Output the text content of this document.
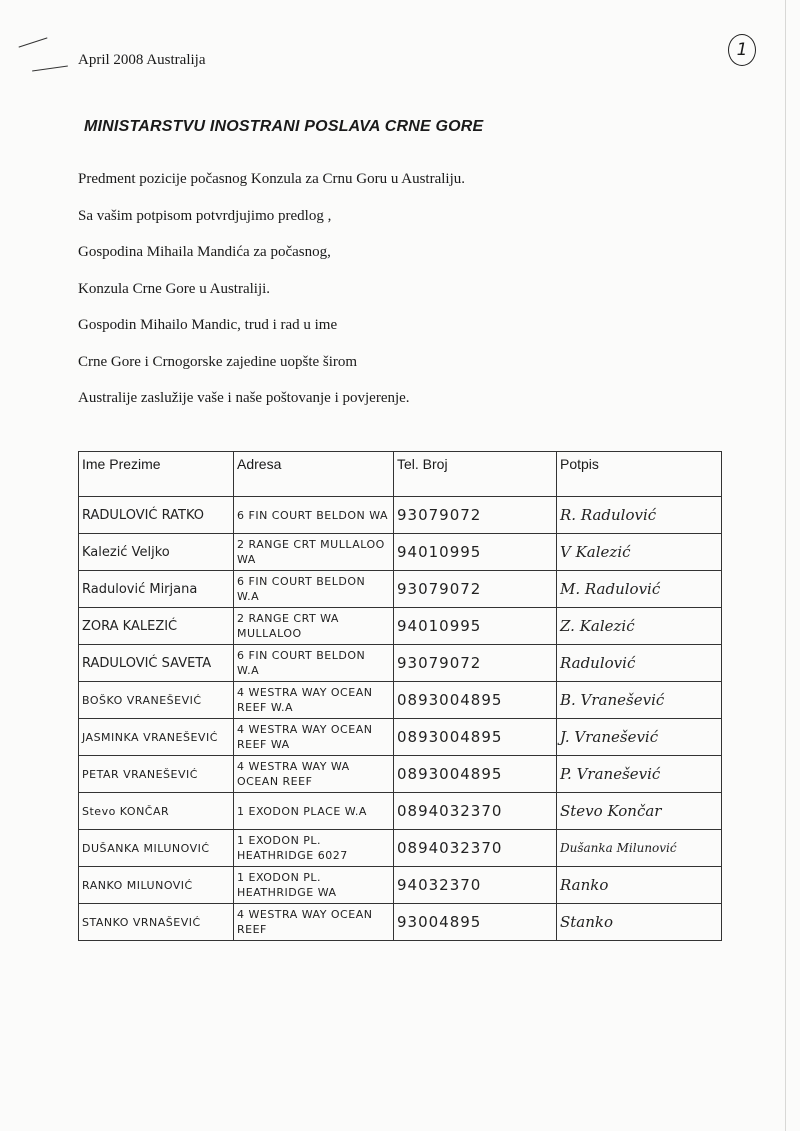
April 2008 Australija	1
MINISTARSTVU INOSTRANI POSLAVA CRNE GORE
Predment pozicije počasnog Konzula za Crnu Goru u Australiju.
Sa vašim potpisom potvrdjujimo predlog ,
Gospodina Mihaila Mandića za počasnog,
Konzula Crne Gore u Australiji.
Gospodin Mihailo Mandic, trud i rad u ime
Crne Gore i Crnogorske zajedine uopšte širom
Australije zaslužije vaše i naše poštovanje i povjerenje.
Ime Prezime	Adresa	Tel. Broj	Potpis

RADULOVIĆ RATKO	6 FIN COURT BELDON WA	93079072	R. Radulović

Kalezić Veljko	2 RANGE CRT MULLALOO WA	94010995	V Kalezić

Radulović Mirjana	6 FIN COURT BELDON W.A	93079072	M. Radulović

ZORA KALEZIĆ	2 RANGE CRT WA MULLALOO	94010995	Z. Kalezić

RADULOVIĆ SAVETA	6 FIN COURT BELDON W.A	93079072	Radulović

BOŠKO VRANEŠEVIĆ	4 WESTRA WAY OCEAN REEF W.A	0893004895	B. Vranešević

JASMINKA VRANEŠEVIĆ	4 WESTRA WAY OCEAN REEF WA	0893004895	J. Vranešević

PETAR VRANEŠEVIĆ	4 WESTRA WAY WA OCEAN REEF	0893004895	P. Vranešević

Stevo KONČAR	1 EXODON PLACE W.A	0894032370	Stevo Končar

DUŠANKA MILUNOVIĆ	1 EXODON PL. HEATHRIDGE 6027	0894032370	Dušanka Milunović

RANKO MILUNOVIĆ	1 EXODON PL. HEATHRIDGE WA	94032370	Ranko

STANKO VRNAŠEVIĆ	4 WESTRA WAY OCEAN REEF	93004895	Stanko
